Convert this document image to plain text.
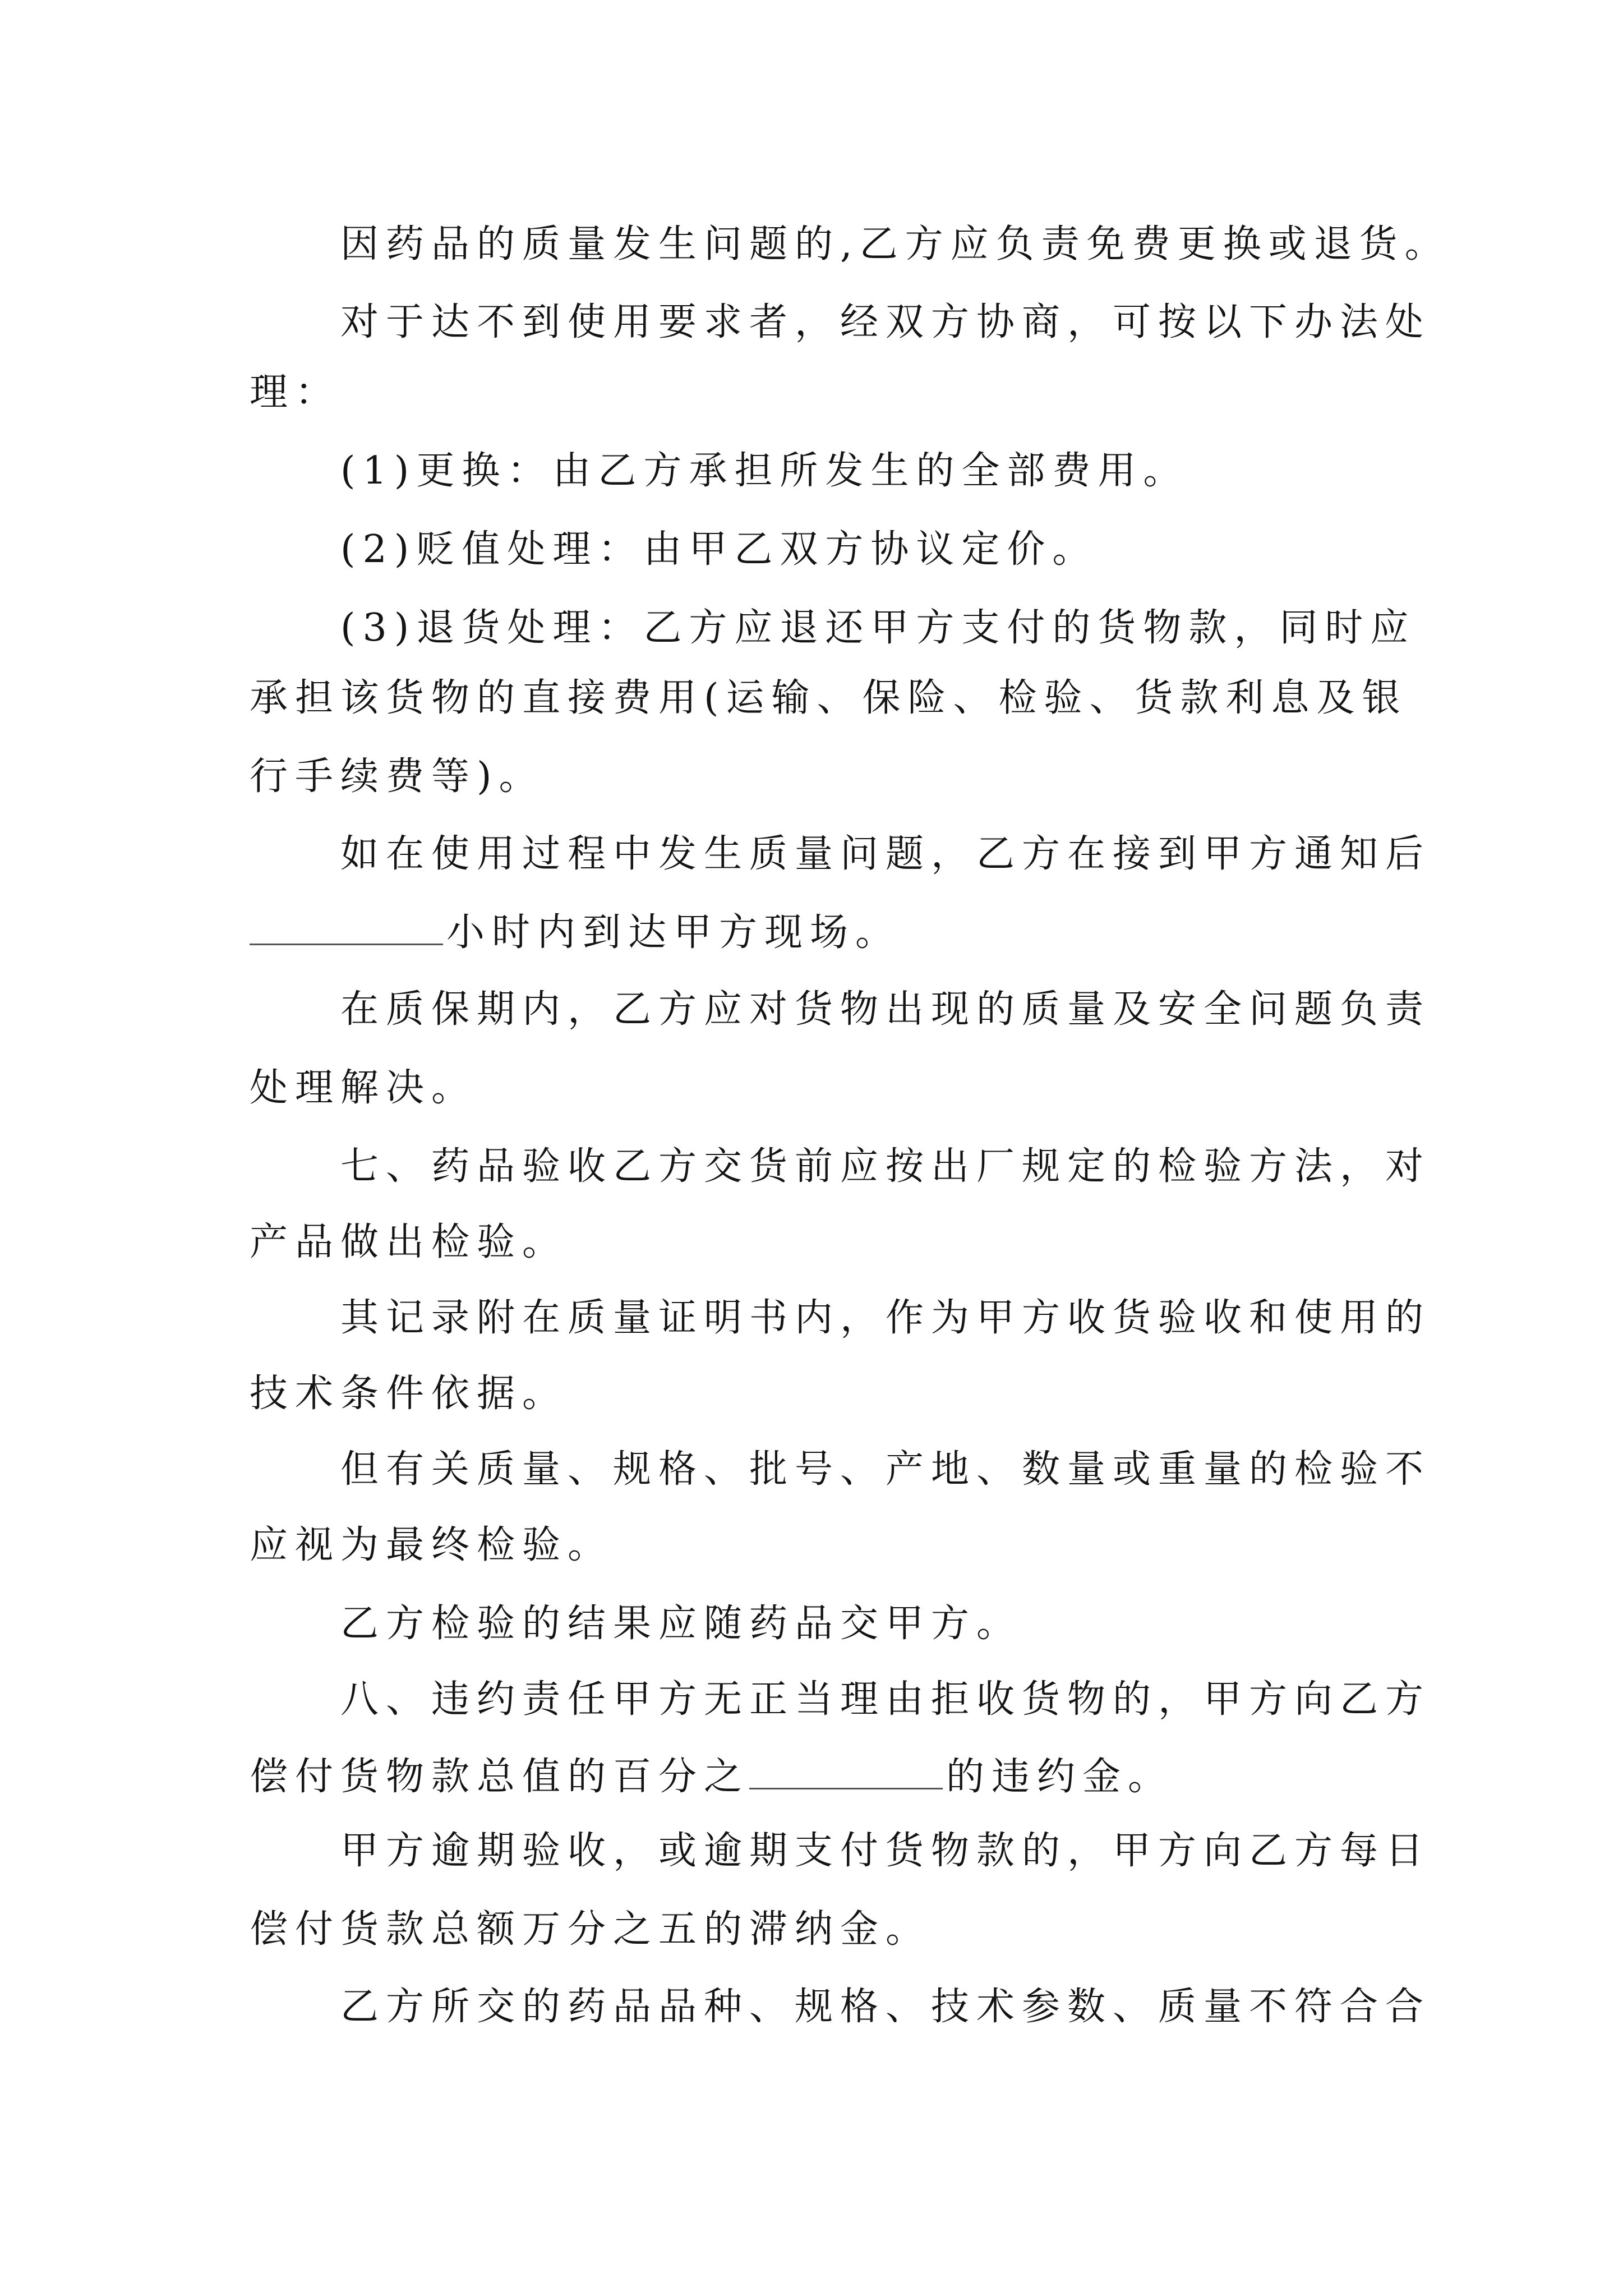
因药品的质量发生问题的,乙方应负责免费更换或退货。

对于达不到使用要求者，经双方协商，可按以下办法处

理：

(1)更换：由乙方承担所发生的全部费用。

(2)贬值处理：由甲乙双方协议定价。

(3)退货处理：乙方应退还甲方支付的货物款，同时应

承担该货物的直接费用(运输、保险、检验、货款利息及银

行手续费等)。

如在使用过程中发生质量问题，乙方在接到甲方通知后

小时内到达甲方现场。

在质保期内，乙方应对货物出现的质量及安全问题负责

处理解决。

七、药品验收乙方交货前应按出厂规定的检验方法，对

产品做出检验。

其记录附在质量证明书内，作为甲方收货验收和使用的

技术条件依据。

但有关质量、规格、批号、产地、数量或重量的检验不

应视为最终检验。

乙方检验的结果应随药品交甲方。

八、违约责任甲方无正当理由拒收货物的，甲方向乙方

偿付货物款总值的百分之	的违约金。

甲方逾期验收，或逾期支付货物款的，甲方向乙方每日

偿付货款总额万分之五的滞纳金。

乙方所交的药品品种、规格、技术参数、质量不符合合
